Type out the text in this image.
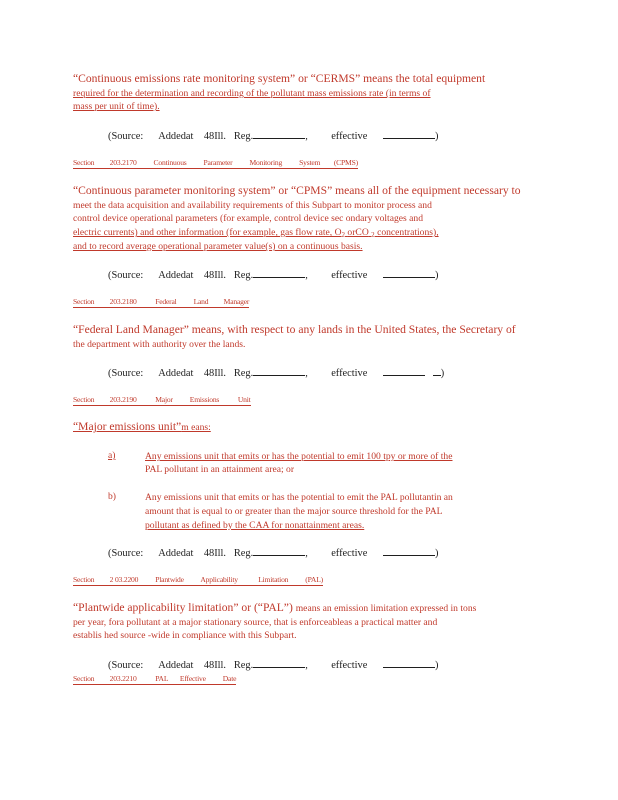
“Continuous emissions rate monitoring system” or “CERMS” means the total equipment
required for the determination and recording of the pollutant mass emissions rate (in terms of
mass per unit of time).
(Source: Addedat 48Ill. Reg.	, effective	)
Section         203.2170          Continuous          Parameter          Monitoring          System        (CPMS)
“Continuous parameter monitoring system” or “CPMS” means all of the equipment necessary to
meet the data acquisition and availability requirements of this Subpart to monitor process and
control device operational parameters (for example, control device sec ondary voltages and
electric currents) and other information (for example, gas flow rate, $O_2$ orCO $_2$ concentrations),
and to record average operational parameter value(s) on a continuous basis.
(Source: Addedat 48Ill. Reg.	, effective	)
Section         203.2180           Federal          Land         Manager
“Federal Land Manager” means, with respect to any lands in the United States, the Secretary of
the department with authority over the lands.
(Source: Addedat 48Ill. Reg.	, effective	)
Section         203.2190           Major          Emissions           Unit
“Major emissions unit”m eans:
a)	Any emissions unit that emits or has the potential to emit 100 tpy or more of the
PAL pollutant in an attainment area; or
b)	Any emissions unit that emits or has the potential to emit the PAL pollutantin an
amount that is equal to or greater than the major source threshold for the PAL
pollutant as defined by the CAA for nonattainment areas.
(Source: Addedat 48Ill. Reg.	, effective	)
Section         2 03.2200          Plantwide          Applicability            Limitation          (PAL)
“Plantwide applicability limitation” or (“PAL”) means an emission limitation expressed in tons
per year, fora pollutant at a major stationary source, that is enforceableas a practical matter and
establis hed source -wide in compliance with this Subpart.
(Source: Addedat 48Ill. Reg.	, effective	)
Section         203.2210           PAL       Effective          Date
